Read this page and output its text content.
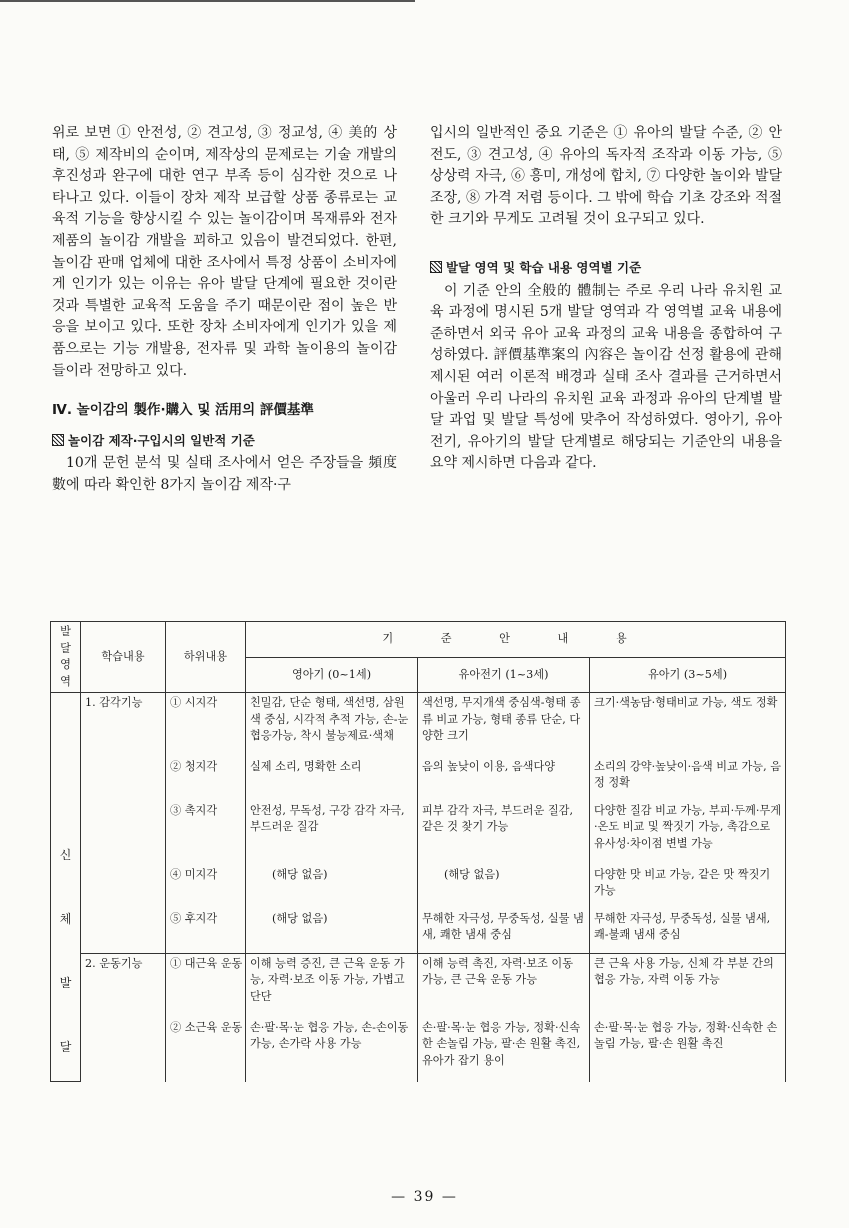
위로 보면 ① 안전성, ② 견고성, ③ 정교성, ④ 美的 상태, ⑤ 제작비의 순이며, 제작상의 문제로는 기술 개발의 후진성과 완구에 대한 연구 부족 등이 심각한 것으로 나타나고 있다. 이들이 장차 제작 보급할 상품 종류로는 교육적 기능을 향상시킬 수 있는 놀이감이며 목재류와 전자 제품의 놀이감 개발을 꾀하고 있음이 발견되었다. 한편, 놀이감 판매 업체에 대한 조사에서 특정 상품이 소비자에게 인기가 있는 이유는 유아 발달 단계에 필요한 것이란 것과 특별한 교육적 도움을 주기 때문이란 점이 높은 반응을 보이고 있다. 또한 장차 소비자에게 인기가 있을 제품으로는 기능 개발용, 전자류 및 과학 놀이용의 놀이감들이라 전망하고 있다.

Ⅳ. 놀이감의 製作·購入 및 活用의 評價基準
놀이감 제작·구입시의 일반적 기준

10개 문헌 분석 및 실태 조사에서 얻은 주장들을 頻度數에 따라 확인한 8가지 놀이감 제작·구

입시의 일반적인 중요 기준은 ① 유아의 발달 수준, ② 안전도, ③ 견고성, ④ 유아의 독자적 조작과 이동 가능, ⑤ 상상력 자극, ⑥ 흥미, 개성에 합치, ⑦ 다양한 놀이와 발달 조장, ⑧ 가격 저렴 등이다. 그 밖에 학습 기초 강조와 적절한 크기와 무게도 고려될 것이 요구되고 있다.

발달 영역 및 학습 내용 영역별 기준

이 기준 안의 全般的 體制는 주로 우리 나라 유치원 교육 과정에 명시된 5개 발달 영역과 각 영역별 교육 내용에 준하면서 외국 유아 교육 과정의 교육 내용을 종합하여 구성하였다. 評價基準案의 內容은 놀이감 선정 활용에 관해 제시된 여러 이론적 배경과 실태 조사 결과를 근거하면서 아울러 우리 나라의 유치원 교육 과정과 유아의 단계별 발달 과업 및 발달 특성에 맞추어 작성하였다. 영아기, 유아전기, 유아기의 발달 단계별로 해당되는 기준안의 내용을 요약 제시하면 다음과 같다.

발달영역	학습내용	하위내용	기 준 안 내 용		
			영아기 (0~1세)	유아전기 (1~3세)	유아기 (3~5세)
신
체
발
달	1. 감각기능	① 시지각	친밀감, 단순 형태, 색선명, 삼원색 중심, 시각적 추적 가능, 손-눈 협응가능, 착시 불능제료·색채	색선명, 무지개색 중심색-형태 종류 비교 가능, 형태 종류 단순, 다양한 크기	크기·색농담·형태비교 가능, 색도 정확
		② 청지각	실제 소리, 명확한 소리	음의 높낮이 이용, 음색다양	소리의 강약·높낮이·음색 비교 가능, 음정 정확
		③ 촉지각	안전성, 무독성, 구강 감각 자극, 부드러운 질감	피부 감각 자극, 부드러운 질감, 같은 것 찾기 가능	다양한 질감 비교 가능, 부피·두께·무게·온도 비교 및 짝짓기 가능, 촉감으로 유사성·차이점 변별 가능
		④ 미지각	(해당 없음)	(해당 없음)	다양한 맛 비교 가능, 같은 맛 짝짓기 가능
		⑤ 후지각	(해당 없음)	무해한 자극성, 무중독성, 실물 냄새, 쾌한 냄새 중심	무해한 자극성, 무중독성, 실물 냄새, 쾌-불쾌 냄새 중심
	2. 운동기능	① 대근육 운동	이해 능력 증진, 큰 근육 운동 가능, 자력·보조 이동 가능, 가볍고 단단	이해 능력 촉진, 자력·보조 이동 가능, 큰 근육 운동 가능	큰 근육 사용 가능, 신체 각 부분 간의 협응 가능, 자력 이동 가능
		② 소근육 운동	손·팔·목·눈 협응 가능, 손-손이동 가능, 손가락 사용 가능	손·팔·목·눈 협응 가능, 정확·신속한 손놀림 가능, 팔·손 원활 촉진, 유아가 잡기 용이	손·팔·목·눈 협응 가능, 정확·신속한 손놀림 가능, 팔·손 원활 촉진
— 39 —
